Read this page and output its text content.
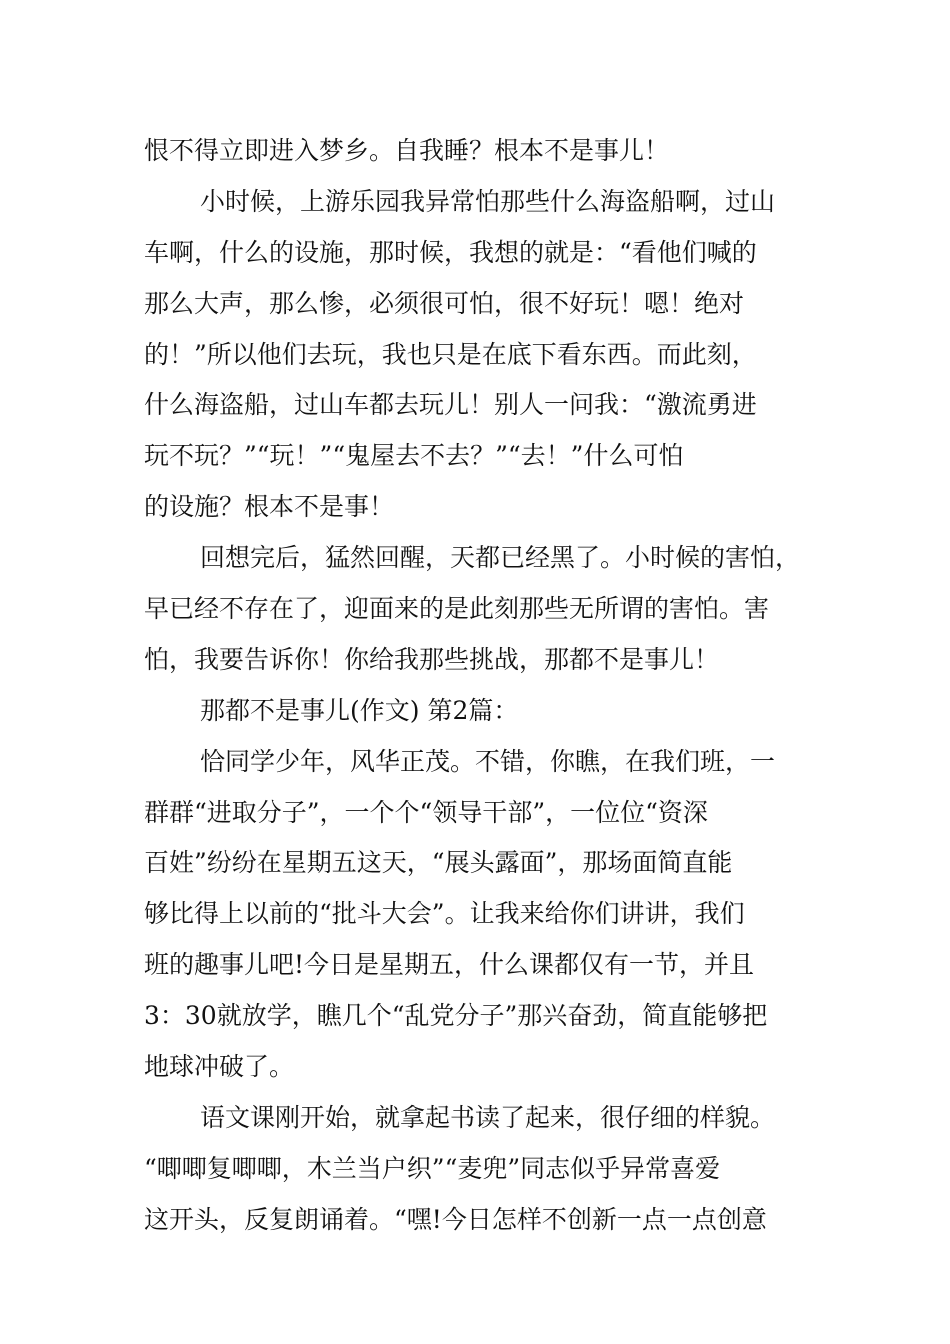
恨不得立即进入梦乡。自我睡？根本不是事儿！
小时候，上游乐园我异常怕那些什么海盗船啊，过山
车啊，什么的设施，那时候，我想的就是：“看他们喊的
那么大声，那么惨，必须很可怕，很不好玩！嗯！绝对
的！”所以他们去玩，我也只是在底下看东西。而此刻，
什么海盗船，过山车都去玩儿！别人一问我：“激流勇进
玩不玩？”“玩！”“鬼屋去不去？”“去！”什么可怕
的设施？根本不是事！
回想完后，猛然回醒，天都已经黑了。小时候的害怕，
早已经不存在了，迎面来的是此刻那些无所谓的害怕。害
怕，我要告诉你！你给我那些挑战，那都不是事儿！
那都不是事儿(作文) 第2篇：
恰同学少年，风华正茂。不错，你瞧，在我们班，一
群群“进取分子”，一个个“领导干部”，一位位“资深
百姓”纷纷在星期五这天，“展头露面”，那场面简直能
够比得上以前的“批斗大会”。让我来给你们讲讲，我们
班的趣事儿吧!今日是星期五，什么课都仅有一节，并且
3：30就放学，瞧几个“乱党分子”那兴奋劲，简直能够把
地球冲破了。
语文课刚开始，就拿起书读了起来，很仔细的样貌。
“唧唧复唧唧，木兰当户织”“麦兜”同志似乎异常喜爱
这开头，反复朗诵着。“嘿!今日怎样不创新一点一点创意
